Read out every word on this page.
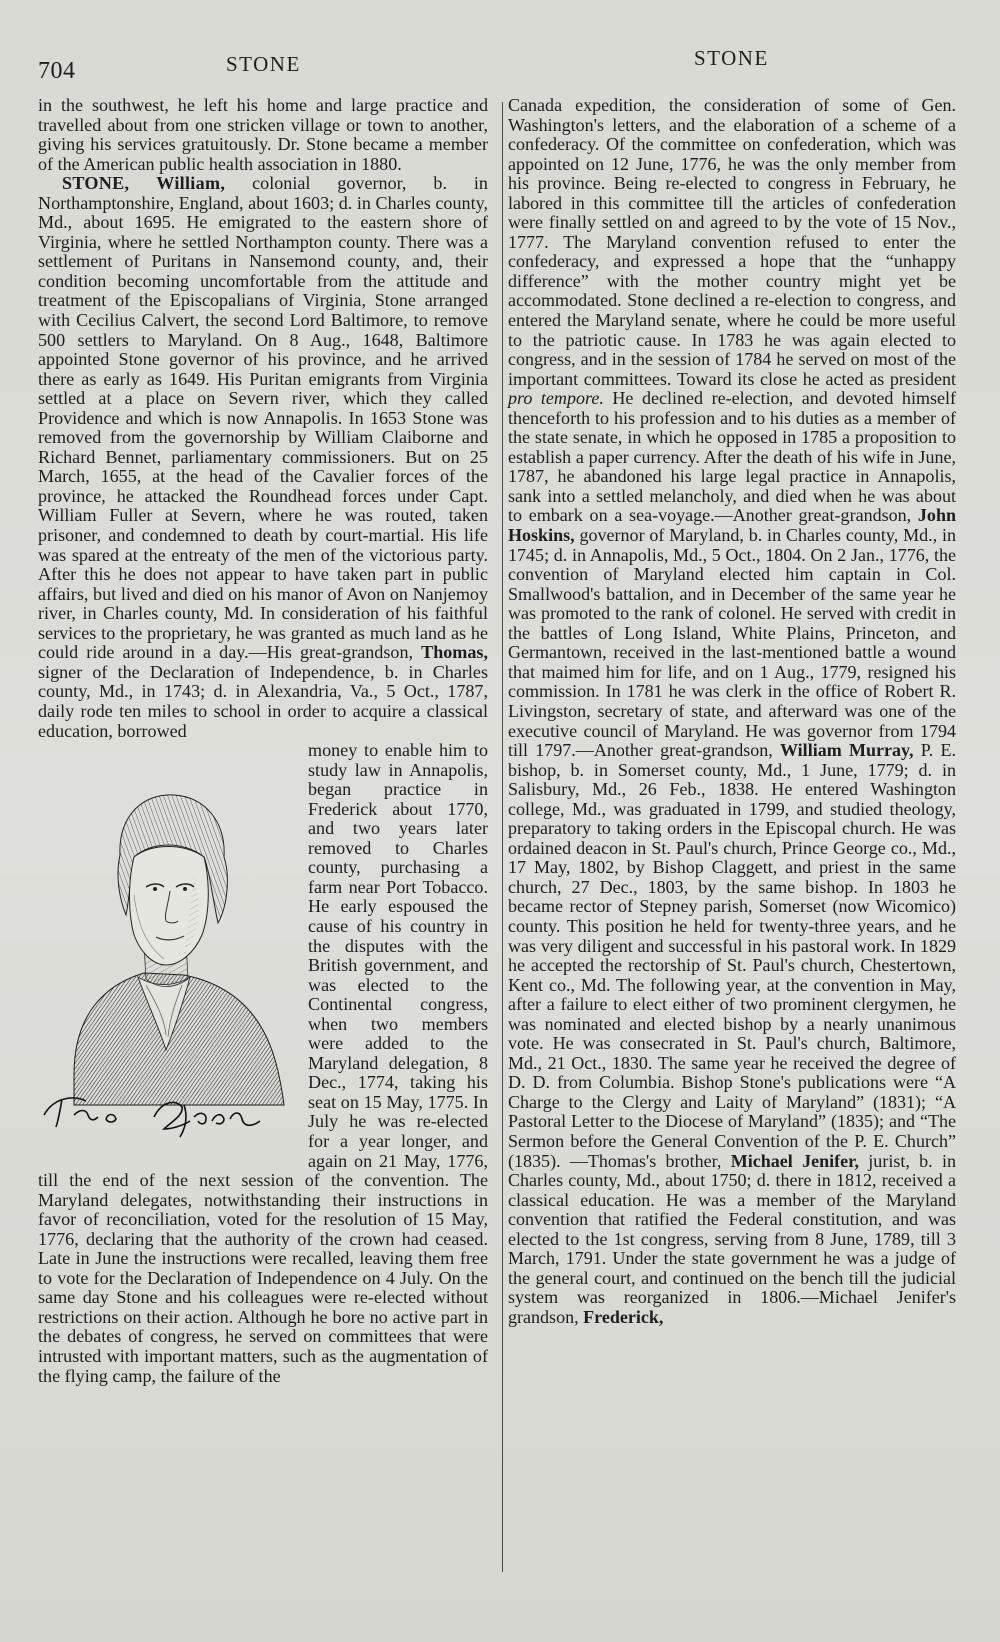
704	STONE	STONE

in the southwest, he left his home and large practice and travelled about from one stricken village or town to another, giving his services gratuitously. Dr. Stone became a member of the American public health association in 1880.

STONE, William, colonial governor, b. in Northamptonshire, England, about 1603; d. in Charles county, Md., about 1695. He emigrated to the eastern shore of Virginia, where he settled Northampton county. There was a settlement of Puritans in Nansemond county, and, their condition becoming uncomfortable from the attitude and treatment of the Episcopalians of Virginia, Stone arranged with Cecilius Calvert, the second Lord Baltimore, to remove 500 settlers to Maryland. On 8 Aug., 1648, Baltimore appointed Stone governor of his province, and he arrived there as early as 1649. His Puritan emigrants from Virginia settled at a place on Severn river, which they called Providence and which is now Annapolis. In 1653 Stone was removed from the governorship by William Claiborne and Richard Bennet, parliamentary commissioners. But on 25 March, 1655, at the head of the Cavalier forces of the province, he attacked the Roundhead forces under Capt. William Fuller at Severn, where he was routed, taken prisoner, and condemned to death by court-martial. His life was spared at the entreaty of the men of the victorious party. After this he does not appear to have taken part in public affairs, but lived and died on his manor of Avon on Nanjemoy river, in Charles county, Md. In consideration of his faithful services to the proprietary, he was granted as much land as he could ride around in a day.—His great-grandson, Thomas, signer of the Declaration of Independence, b. in Charles county, Md., in 1743; d. in Alexandria, Va., 5 Oct., 1787, daily rode ten miles to school in order to acquire a classical education, borrowed

money to enable him to study law in Annapolis, began practice in Frederick about 1770, and two years later removed to Charles county, purchasing a farm near Port Tobacco. He early espoused the cause of his country in the disputes with the British government, and was elected to the Continental congress, when two members were added to the Maryland delegation, 8 Dec., 1774, taking his seat on 15 May, 1775. In July he was re-elected for a year longer, and again on 21 May, 1776, till the end of the next session of the convention. The Maryland delegates, notwithstanding their instructions in favor of reconciliation, voted for the resolution of 15 May, 1776, declaring that the authority of the crown had ceased. Late in June the instructions were recalled, leaving them free to vote for the Declaration of Independence on 4 July. On the same day Stone and his colleagues were re-elected without restrictions on their action. Although he bore no active part in the debates of congress, he served on committees that were intrusted with important matters, such as the augmentation of the flying camp, the failure of the

Canada expedition, the consideration of some of Gen. Washington's letters, and the elaboration of a scheme of a confederacy. Of the committee on confederation, which was appointed on 12 June, 1776, he was the only member from his province. Being re-elected to congress in February, he labored in this committee till the articles of confederation were finally settled on and agreed to by the vote of 15 Nov., 1777. The Maryland convention refused to enter the confederacy, and expressed a hope that the “unhappy difference” with the mother country might yet be accommodated. Stone declined a re-election to congress, and entered the Maryland senate, where he could be more useful to the patriotic cause. In 1783 he was again elected to congress, and in the session of 1784 he served on most of the important committees. Toward its close he acted as president pro tempore. He declined re-election, and devoted himself thenceforth to his profession and to his duties as a member of the state senate, in which he opposed in 1785 a proposition to establish a paper currency. After the death of his wife in June, 1787, he abandoned his large legal practice in Annapolis, sank into a settled melancholy, and died when he was about to embark on a sea-voyage.—Another great-grandson, John Hoskins, governor of Maryland, b. in Charles county, Md., in 1745; d. in Annapolis, Md., 5 Oct., 1804. On 2 Jan., 1776, the convention of Maryland elected him captain in Col. Smallwood's battalion, and in December of the same year he was promoted to the rank of colonel. He served with credit in the battles of Long Island, White Plains, Princeton, and Germantown, received in the last-mentioned battle a wound that maimed him for life, and on 1 Aug., 1779, resigned his commission. In 1781 he was clerk in the office of Robert R. Livingston, secretary of state, and afterward was one of the executive council of Maryland. He was governor from 1794 till 1797.—Another great-grandson, William Murray, P. E. bishop, b. in Somerset county, Md., 1 June, 1779; d. in Salisbury, Md., 26 Feb., 1838. He entered Washington college, Md., was graduated in 1799, and studied theology, preparatory to taking orders in the Episcopal church. He was ordained deacon in St. Paul's church, Prince George co., Md., 17 May, 1802, by Bishop Claggett, and priest in the same church, 27 Dec., 1803, by the same bishop. In 1803 he became rector of Stepney parish, Somerset (now Wicomico) county. This position he held for twenty-three years, and he was very diligent and successful in his pastoral work. In 1829 he accepted the rectorship of St. Paul's church, Chestertown, Kent co., Md. The following year, at the convention in May, after a failure to elect either of two prominent clergymen, he was nominated and elected bishop by a nearly unanimous vote. He was consecrated in St. Paul's church, Baltimore, Md., 21 Oct., 1830. The same year he received the degree of D. D. from Columbia. Bishop Stone's publications were “A Charge to the Clergy and Laity of Maryland” (1831); “A Pastoral Letter to the Diocese of Maryland” (1835); and “The Sermon before the General Convention of the P. E. Church” (1835). —Thomas's brother, Michael Jenifer, jurist, b. in Charles county, Md., about 1750; d. there in 1812, received a classical education. He was a member of the Maryland convention that ratified the Federal constitution, and was elected to the 1st congress, serving from 8 June, 1789, till 3 March, 1791. Under the state government he was a judge of the general court, and continued on the bench till the judicial system was reorganized in 1806.—Michael Jenifer's grandson, Frederick,
